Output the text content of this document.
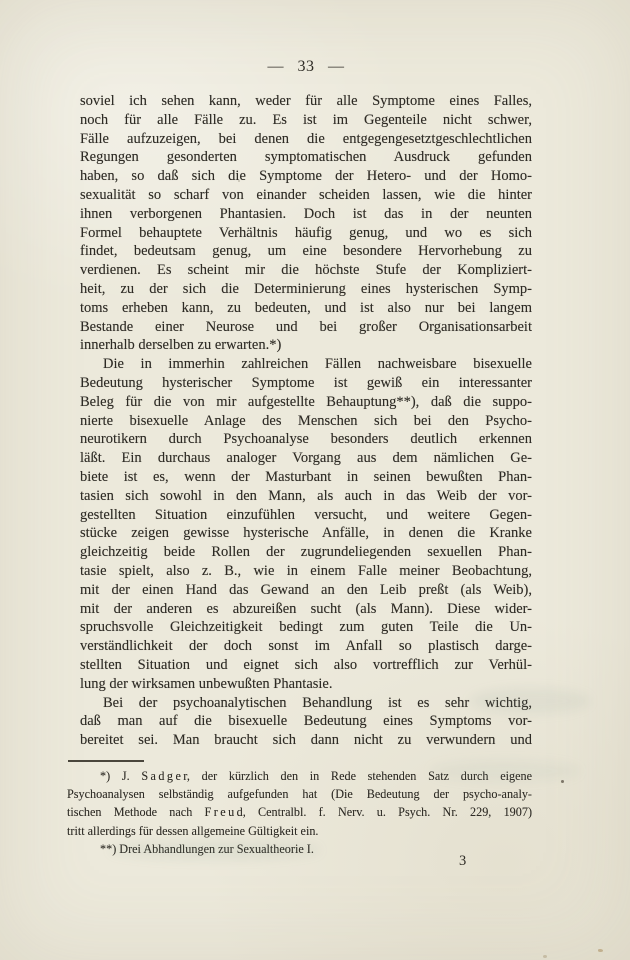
— 33 —
soviel ich sehen kann, weder für alle Symptome eines Falles,
noch für alle Fälle zu. Es ist im Gegenteile nicht schwer,
Fälle aufzuzeigen, bei denen die entgegengesetztgeschlechtlichen
Regungen gesonderten symptomatischen Ausdruck gefunden
haben, so daß sich die Symptome der Hetero- und der Homo-
sexualität so scharf von einander scheiden lassen, wie die hinter
ihnen verborgenen Phantasien. Doch ist das in der neunten
Formel behauptete Verhältnis häufig genug, und wo es sich
findet, bedeutsam genug, um eine besondere Hervorhebung zu
verdienen. Es scheint mir die höchste Stufe der Kompliziert-
heit, zu der sich die Determinierung eines hysterischen Symp-
toms erheben kann, zu bedeuten, und ist also nur bei langem
Bestande einer Neurose und bei großer Organisationsarbeit
innerhalb derselben zu erwarten.*)
Die in immerhin zahlreichen Fällen nachweisbare bisexuelle
Bedeutung hysterischer Symptome ist gewiß ein interessanter
Beleg für die von mir aufgestellte Behauptung**), daß die suppo-
nierte bisexuelle Anlage des Menschen sich bei den Psycho-
neurotikern durch Psychoanalyse besonders deutlich erkennen
läßt. Ein durchaus analoger Vorgang aus dem nämlichen Ge-
biete ist es, wenn der Masturbant in seinen bewußten Phan-
tasien sich sowohl in den Mann, als auch in das Weib der vor-
gestellten Situation einzufühlen versucht, und weitere Gegen-
stücke zeigen gewisse hysterische Anfälle, in denen die Kranke
gleichzeitig beide Rollen der zugrundeliegenden sexuellen Phan-
tasie spielt, also z. B., wie in einem Falle meiner Beobachtung,
mit der einen Hand das Gewand an den Leib preßt (als Weib),
mit der anderen es abzureißen sucht (als Mann). Diese wider-
spruchsvolle Gleichzeitigkeit bedingt zum guten Teile die Un-
verständlichkeit der doch sonst im Anfall so plastisch darge-
stellten Situation und eignet sich also vortrefflich zur Verhül-
lung der wirksamen unbewußten Phantasie.
Bei der psychoanalytischen Behandlung ist es sehr wichtig,
daß man auf die bisexuelle Bedeutung eines Symptoms vor-
bereitet sei. Man braucht sich dann nicht zu verwundern und
*) J. S a d g e r, der kürzlich den in Rede stehenden Satz durch eigene
Psychoanalysen selbständig aufgefunden hat (Die Bedeutung der psycho-analy-
tischen Methode nach F r e u d, Centralbl. f. Nerv. u. Psych. Nr. 229, 1907)
tritt allerdings für dessen allgemeine Gültigkeit ein.
**) Drei Abhandlungen zur Sexualtheorie I.
3
